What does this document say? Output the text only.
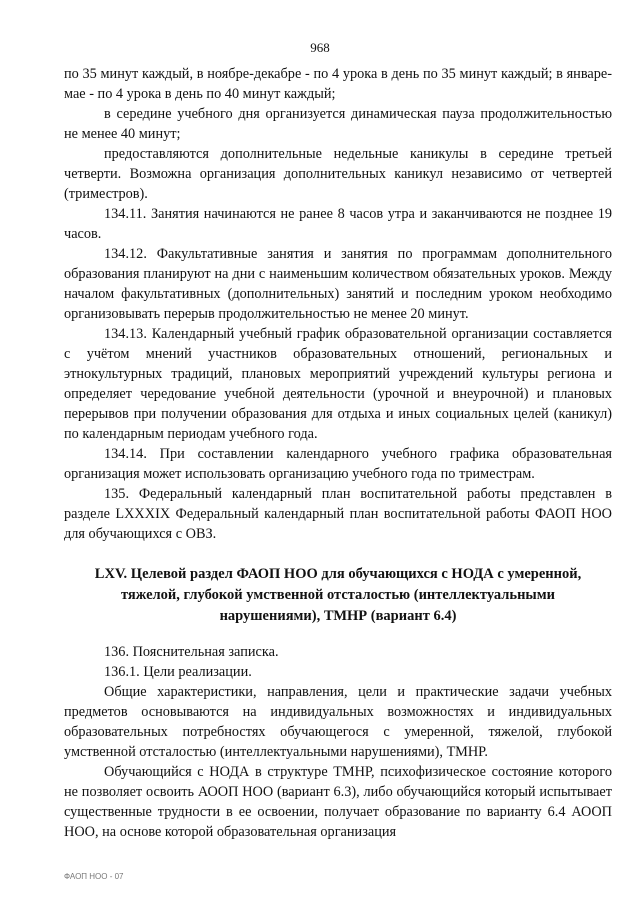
968

по 35 минут каждый, в ноябре-декабре - по 4 урока в день по 35 минут каждый; в январе-мае - по 4 урока в день по 40 минут каждый;

в середине учебного дня организуется динамическая пауза продолжительностью не менее 40 минут;

предоставляются дополнительные недельные каникулы в середине третьей четверти. Возможна организация дополнительных каникул независимо от четвертей (триместров).

134.11. Занятия начинаются не ранее 8 часов утра и заканчиваются не позднее 19 часов.

134.12. Факультативные занятия и занятия по программам дополнительного образования планируют на дни с наименьшим количеством обязательных уроков. Между началом факультативных (дополнительных) занятий и последним уроком необходимо организовывать перерыв продолжительностью не менее 20 минут.

134.13. Календарный учебный график образовательной организации составляется с учётом мнений участников образовательных отношений, региональных и этнокультурных традиций, плановых мероприятий учреждений культуры региона и определяет чередование учебной деятельности (урочной и внеурочной) и плановых перерывов при получении образования для отдыха и иных социальных целей (каникул) по календарным периодам учебного года.

134.14. При составлении календарного учебного графика образовательная организация может использовать организацию учебного года по триместрам.

135. Федеральный календарный план воспитательной работы представлен в разделе LXXXIX Федеральный календарный план воспитательной работы ФАОП НОО для обучающихся с ОВЗ.

LXV. Целевой раздел ФАОП НОО для обучающихся с НОДА с умеренной, тяжелой, глубокой умственной отсталостью (интеллектуальными нарушениями), ТМНР (вариант 6.4)

136. Пояснительная записка.

136.1. Цели реализации.

Общие характеристики, направления, цели и практические задачи учебных предметов основываются на индивидуальных возможностях и индивидуальных образовательных потребностях обучающегося с умеренной, тяжелой, глубокой умственной отсталостью (интеллектуальными нарушениями), ТМНР.

Обучающийся с НОДА в структуре ТМНР, психофизическое состояние которого не позволяет освоить АООП НОО (вариант 6.3), либо обучающийся который испытывает существенные трудности в ее освоении, получает образование по варианту 6.4 АООП НОО, на основе которой образовательная организация

ФАОП НОО - 07
